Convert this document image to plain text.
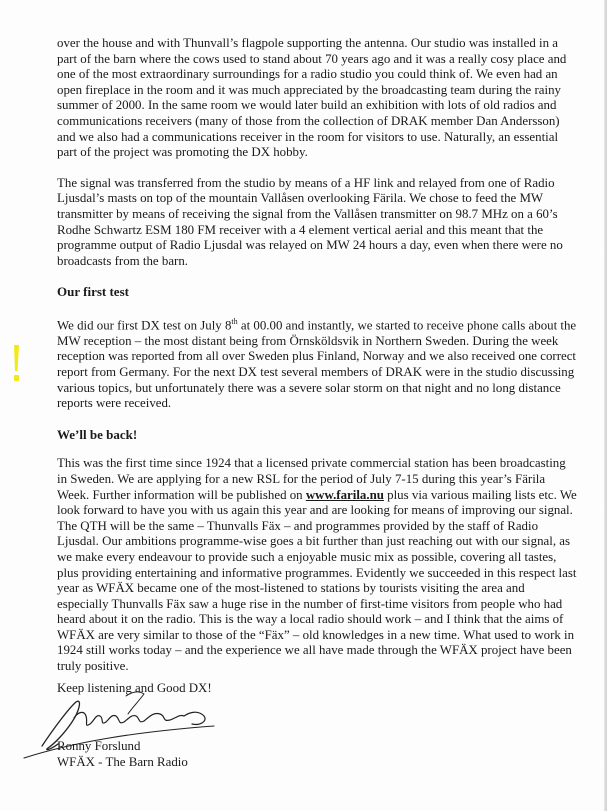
over the house and with Thunvall’s flagpole supporting the antenna. Our studio was installed in a part of the barn where the cows used to stand about 70 years ago and it was a really cosy place and one of the most extraordinary surroundings for a radio studio you could think of. We even had an open fireplace in the room and it was much appreciated by the broadcasting team during the rainy summer of 2000. In the same room we would later build an exhibition with lots of old radios and communications receivers (many of those from the collection of DRAK member Dan Andersson) and we also had a communications receiver in the room for visitors to use. Naturally, an essential part of the project was promoting the DX hobby.

The signal was transferred from the studio by means of a HF link and relayed from one of Radio Ljusdal’s masts on top of the mountain Vallåsen overlooking Färila. We chose to feed the MW transmitter by means of receiving the signal from the Vallåsen transmitter on 98.7 MHz on a 60’s Rodhe Schwartz ESM 180 FM receiver with a 4 element vertical aerial and this meant that the programme output of Radio Ljusdal was relayed on MW 24 hours a day, even when there were no broadcasts from the barn.

Our first test

We did our first DX test on July 8th at 00.00 and instantly, we started to receive phone calls about the MW reception – the most distant being from Örnsköldsvik in Northern Sweden. During the week reception was reported from all over Sweden plus Finland, Norway and we also received one correct report from Germany. For the next DX test several members of DRAK were in the studio discussing various topics, but unfortunately there was a severe solar storm on that night and no long distance reports were received.

We’ll be back!

This was the first time since 1924 that a licensed private commercial station has been broadcasting in Sweden. We are applying for a new RSL for the period of July 7-15 during this year’s Färila Week. Further information will be published on www.farila.nu plus via various mailing lists etc. We look forward to have you with us again this year and are looking for means of improving our signal. The QTH will be the same – Thunvalls Fäx – and programmes provided by the staff of Radio Ljusdal. Our ambitions programme-wise goes a bit further than just reaching out with our signal, as we make every endeavour to provide such a enjoyable music mix as possible, covering all tastes, plus providing entertaining and informative programmes. Evidently we succeeded in this respect last year as WFÄX became one of the most-listened to stations by tourists visiting the area and especially Thunvalls Fäx saw a huge rise in the number of first-time visitors from people who had heard about it on the radio. This is the way a local radio should work – and I think that the aims of WFÄX are very similar to those of the “Fäx” – old knowledges in a new time. What used to work in 1924 still works today – and the experience we all have made through the WFÄX project have been truly positive.

Keep listening and Good DX!
Ronny Forslund
WFÄX - The Barn Radio
